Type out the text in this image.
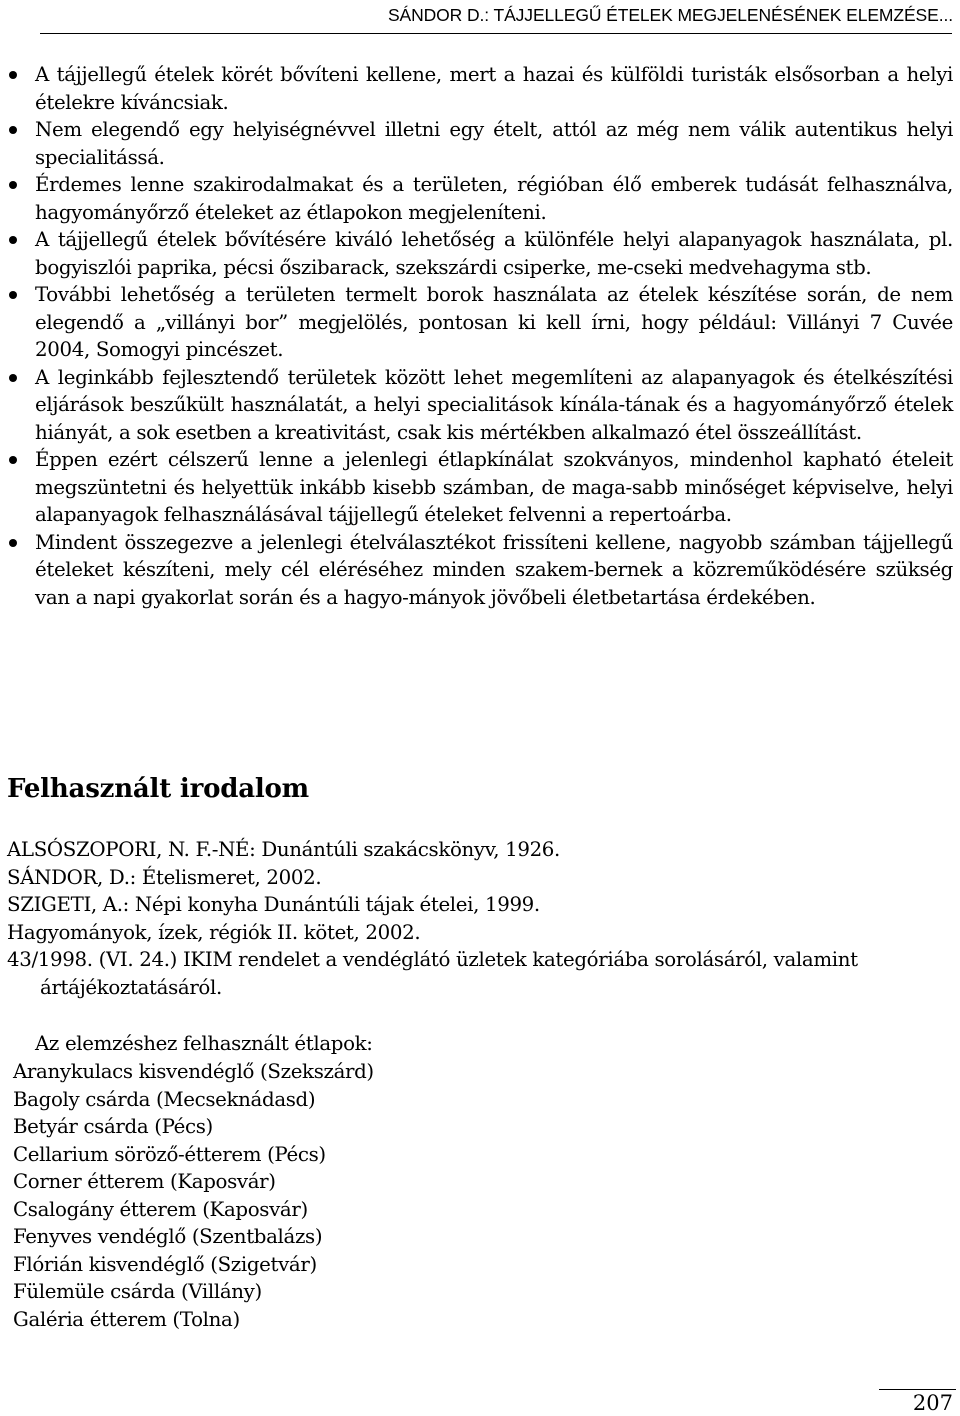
SÁNDOR D.: TÁJJELLEGŰ ÉTELEK MEGJELENÉSÉNEK ELEMZÉSE...
A tájjellegű ételek körét bővíteni kellene, mert a hazai és külföldi turisták elsősorban a helyi ételekre kíváncsiak.
Nem elegendő egy helyiségnévvel illetni egy ételt, attól az még nem válik autentikus helyi specialitássá.
Érdemes lenne szakirodalmakat és a területen, régióban élő emberek tudását felhasználva, hagyományőrző ételeket az étlapokon megjeleníteni.
A tájjellegű ételek bővítésére kiváló lehetőség a különféle helyi alapanyagok használata, pl. bogyiszlói paprika, pécsi őszibarack, szekszárdi csiperke, me-cseki medvehagyma stb.
További lehetőség a területen termelt borok használata az ételek készítése során, de nem elegendő a „villányi bor” megjelölés, pontosan ki kell írni, hogy például: Villányi 7 Cuvée 2004, Somogyi pincészet.
A leginkább fejlesztendő területek között lehet megemlíteni az alapanyagok és ételkészítési eljárások beszűkült használatát, a helyi specialitások kínála-tának és a hagyományőrző ételek hiányát, a sok esetben a kreativitást, csak kis mértékben alkalmazó étel összeállítást.
Éppen ezért célszerű lenne a jelenlegi étlapkínálat szokványos, mindenhol kapható ételeit megszüntetni és helyettük inkább kisebb számban, de maga-sabb minőséget képviselve, helyi alapanyagok felhasználásával tájjellegű ételeket felvenni a repertoárba.
Mindent összegezve a jelenlegi ételválasztékot frissíteni kellene, nagyobb számban tájjellegű ételeket készíteni, mely cél eléréséhez minden szakem-bernek a közreműködésére szükség van a napi gyakorlat során és a hagyo-mányok jövőbeli életbetartása érdekében.
Felhasznált irodalom
ALSÓSZOPORI, N. F.-NÉ: Dunántúli szakácskönyv, 1926.
SÁNDOR, D.: Ételismeret, 2002.
SZIGETI, A.: Népi konyha Dunántúli tájak ételei, 1999.
Hagyományok, ízek, régiók II. kötet, 2002.
43/1998. (VI. 24.) IKIM rendelet a vendéglátó üzletek kategóriába sorolásáról, valamint ártájékoztatásáról.

Az elemzéshez felhasznált étlapok:

Aranykulacs kisvendéglő (Szekszárd)
Bagoly csárda (Mecseknádasd)
Betyár csárda (Pécs)
Cellarium söröző-étterem (Pécs)
Corner étterem (Kaposvár)
Csalogány étterem (Kaposvár)
Fenyves vendéglő (Szentbalázs)
Flórián kisvendéglő (Szigetvár)
Fülemüle csárda (Villány)
Galéria étterem (Tolna)
207
